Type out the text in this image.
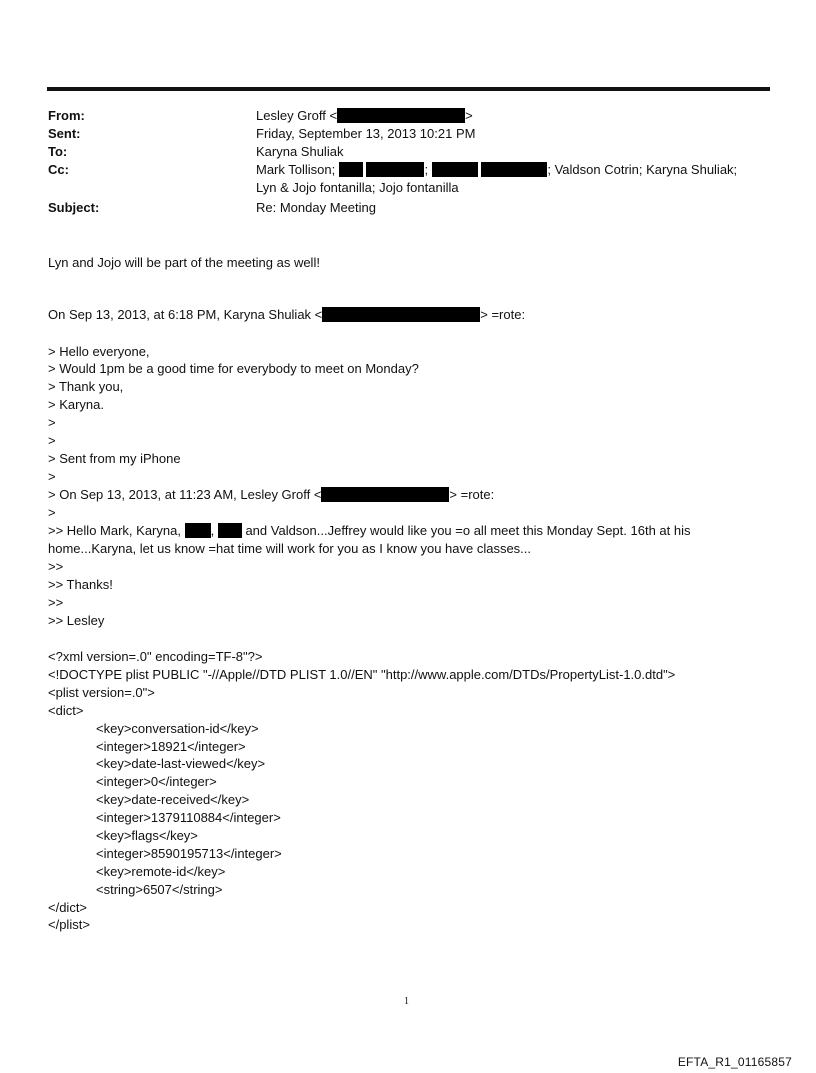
From:	Lesley Groff <	>
Sent:	Friday, September 13, 2013 10:21 PM
To:	Karyna Shuliak
Cc:	Mark Tollison;	;	; Valdson Cotrin; Karyna Shuliak;
Lyn & Jojo fontanilla; Jojo fontanilla
Subject:	Re: Monday Meeting
Lyn and Jojo will be part of the meeting as well!
On Sep 13, 2013, at 6:18 PM, Karyna Shuliak <	> =rote:
> Hello everyone,
> Would 1pm be a good time for everybody to meet on Monday?
> Thank you,
> Karyna.
>
>
> Sent from my iPhone
>
> On Sep 13, 2013, at 11:23 AM, Lesley Groff <	> =rote:
>
>> Hello Mark, Karyna, , and Valdson...Jeffrey would like you =o all meet this Monday Sept. 16th at his
home...Karyna, let us know =hat time will work for you as I know you have classes...
>>
>> Thanks!
>>
>> Lesley
<?xml version=.0" encoding=TF-8"?>
<!DOCTYPE plist PUBLIC "-//Apple//DTD PLIST 1.0//EN" "http://www.apple.com/DTDs/PropertyList-1.0.dtd">
<plist version=.0">
<dict>
<key>conversation-id</key>
<integer>18921</integer>
<key>date-last-viewed</key>
<integer>0</integer>
<key>date-received</key>
<integer>1379110884</integer>
<key>flags</key>
<integer>8590195713</integer>
<key>remote-id</key>
<string>6507</string>
</dict>
</plist>
1
EFTA_R1_01165857
